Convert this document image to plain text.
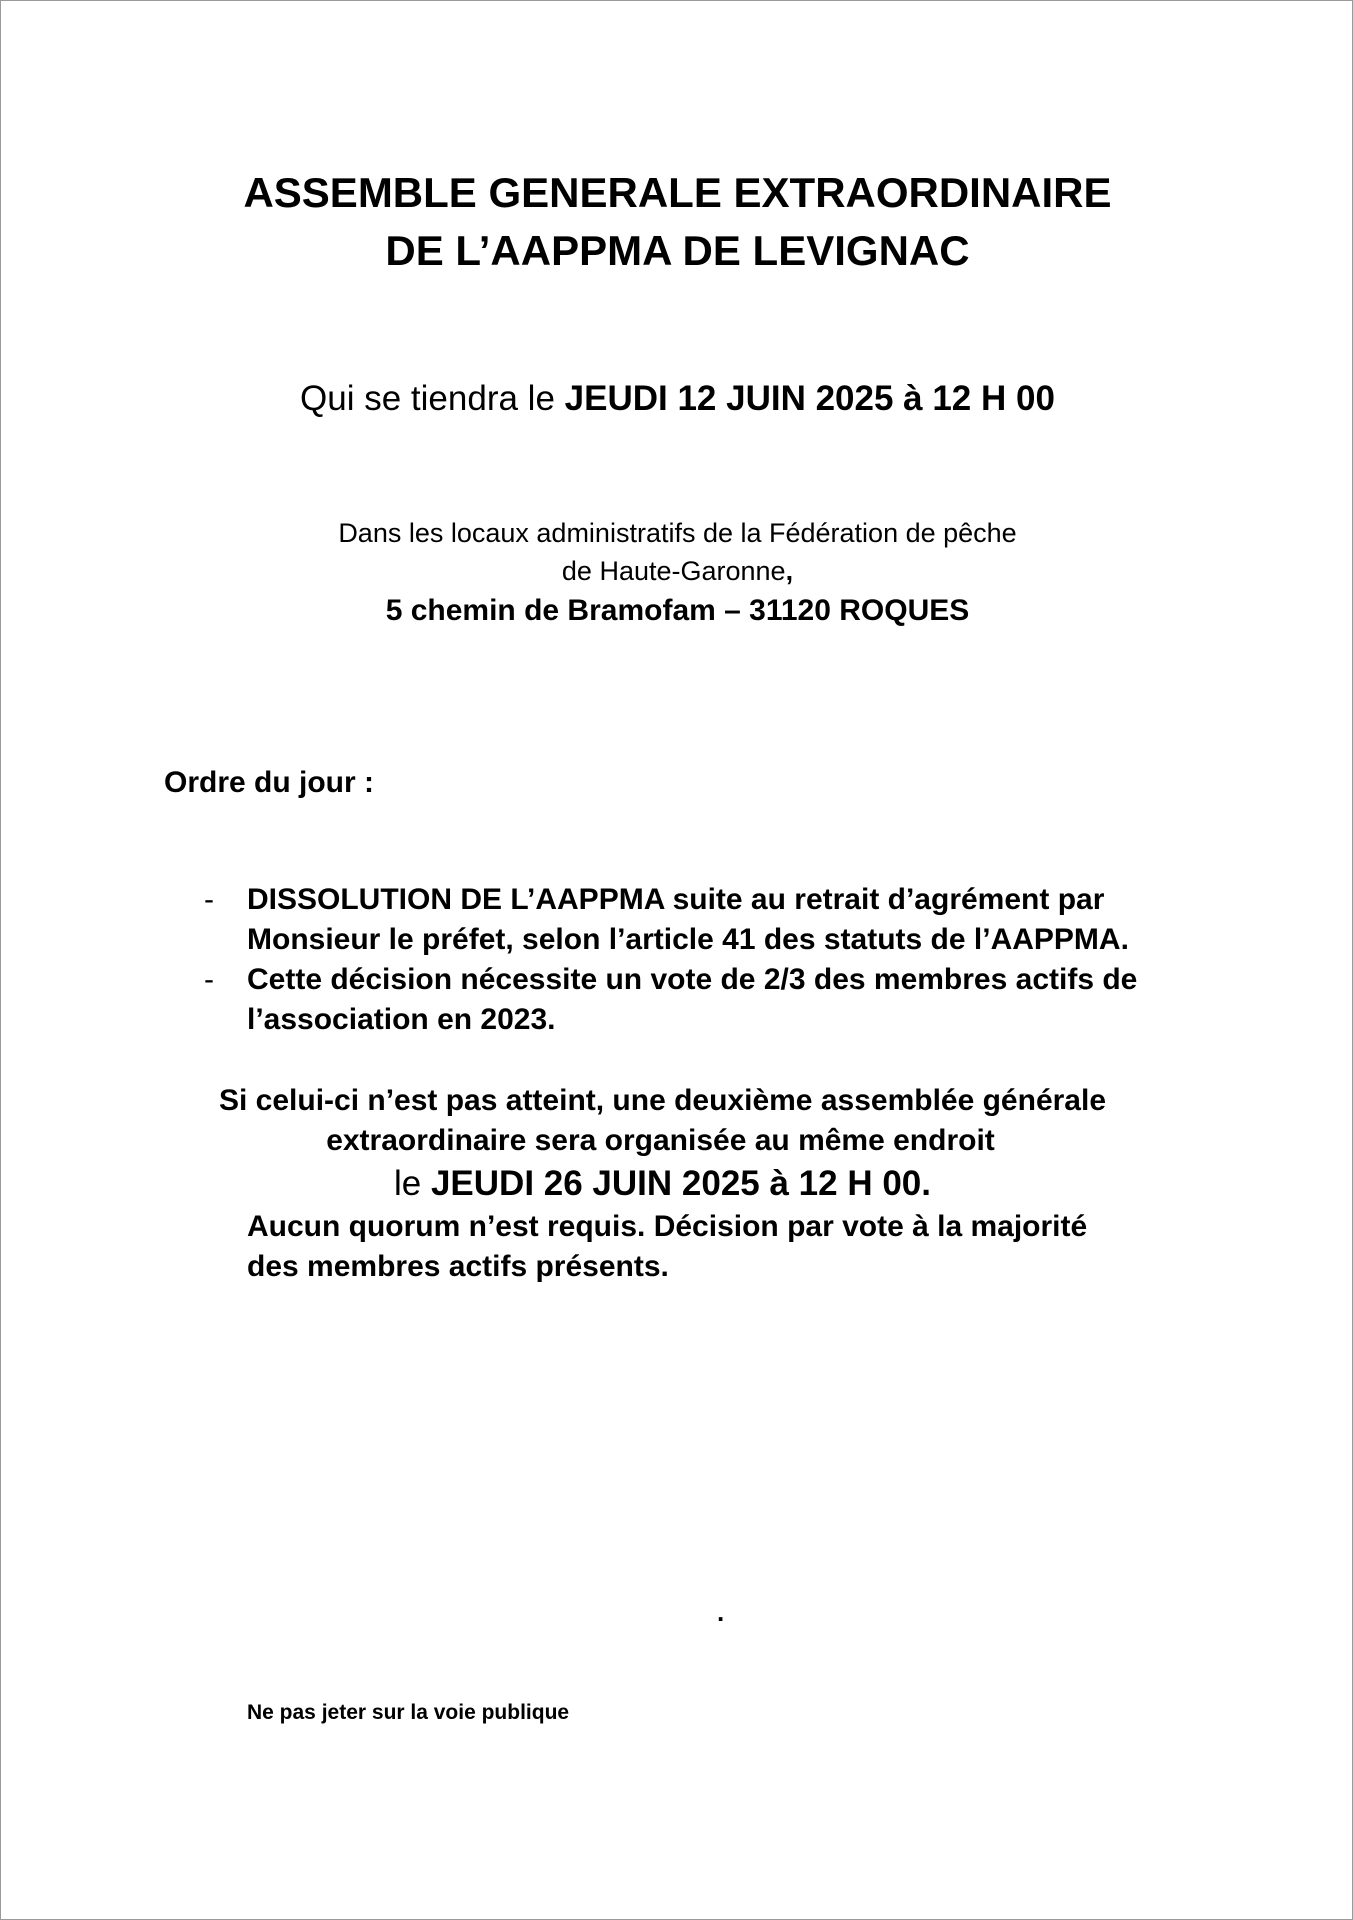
ASSEMBLE GENERALE EXTRAORDINAIRE
DE L’AAPPMA DE LEVIGNAC
Qui se tiendra le JEUDI 12 JUIN 2025 à 12 H 00
Dans les locaux administratifs de la Fédération de pêche
de Haute-Garonne,
5 chemin de Bramofam – 31120 ROQUES
Ordre du jour :
- DISSOLUTION DE L’AAPPMA suite au retrait d’agrément par
Monsieur le préfet, selon l’article 41 des statuts de l’AAPPMA.
- Cette décision nécessite un vote de 2/3 des membres actifs de
l’association en 2023.
Si celui-ci n’est pas atteint, une deuxième assemblée générale
extraordinaire sera organisée au même endroit
le JEUDI 26 JUIN 2025 à 12 H 00.
Aucun quorum n’est requis. Décision par vote à la majorité
des membres actifs présents.
.
Ne pas jeter sur la voie publique
